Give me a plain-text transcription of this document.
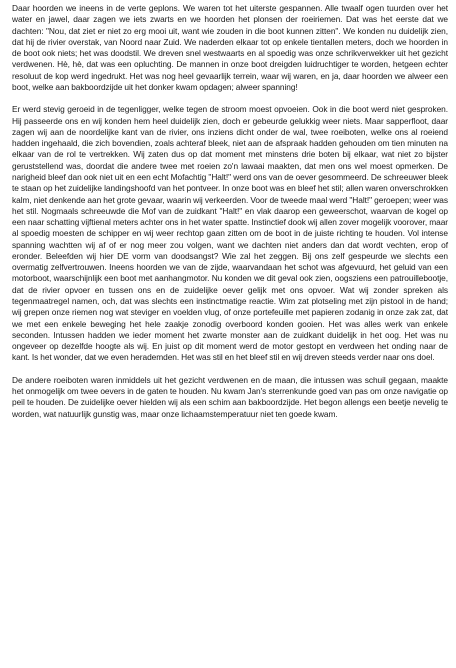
Daar hoorden we ineens in de verte geplons. We waren tot het uiterste gespannen. Alle twaalf ogen tuurden over het water en jawel, daar zagen we iets zwarts en we hoorden het plonsen der roeiriemen. Dat was het eerste dat we dachten: "Nou, dat ziet er niet zo erg mooi uit, want wie zouden in die boot kunnen zitten". We konden nu duidelijk zien, dat hij de rivier overstak, van Noord naar Zuid. We naderden elkaar tot op enkele tientallen meters, doch we hoorden in de boot ook niets; het was doodstil. We dreven snel westwaarts en al spoedig was onze schrikverwekker uit het gezicht verdwenen. Hè, hè, dat was een opluchting. De mannen in onze boot dreigden luidruchtiger te worden, hetgeen echter resoluut de kop werd ingedrukt. Het was nog heel gevaarlijk terrein, waar wij waren, en ja, daar hoorden we alweer een boot, welke aan bakboordzijde uit het donker kwam opdagen; alweer spanning!

Er werd stevig geroeid in de tegenligger, welke tegen de stroom moest opvoeien. Ook in die boot werd niet gesproken. Hij passeerde ons en wij konden hem heel duidelijk zien, doch er gebeurde gelukkig weer niets. Maar sapperfloot, daar zagen wij aan de noordelijke kant van de rivier, ons inziens dicht onder de wal, twee roeiboten, welke ons al roeiend hadden ingehaald, die zich bovendien, zoals achteraf bleek, niet aan de afspraak hadden gehouden om tien minuten na elkaar van de rol te vertrekken. Wij zaten dus op dat moment met minstens drie boten bij elkaar, wat niet zo bijster geruststellend was, doordat die andere twee met roeien zo'n lawaai maakten, dat men ons wel moest opmerken. De narigheid bleef dan ook niet uit en een echt Mofachtig "Halt!" werd ons van de oever gesommeerd. De schreeuwer bleek te staan op het zuidelijke landingshoofd van het pontveer. In onze boot was en bleef het stil; allen waren onverschrokken kalm, niet denkende aan het grote gevaar, waarin wij verkeerden. Voor de tweede maal werd "Halt!" geroepen; weer was het stil. Nogmaals schreeuwde die Mof van de zuidkant "Halt!" en vlak daarop een geweerschot, waarvan de kogel op een naar schatting vijftienal meters achter ons in het water spatte. Instinctief dook wij allen zover mogelijk voorover, maar al spoedig moesten de schipper en wij weer rechtop gaan zitten om de boot in de juiste richting te houden. Vol intense spanning wachtten wij af of er nog meer zou volgen, want we dachten niet anders dan dat wordt vechten, erop of eronder. Beleefden wij hier DE vorm van doodsangst? Wie zal het zeggen. Bij ons zelf gespeurde we slechts een overmatig zelfvertrouwen. Ineens hoorden we van de zijde, waarvandaan het schot was afgevuurd, het geluid van een motorboot, waarschijnlijk een boot met aanhangmotor. Nu konden we dit geval ook zien, oogsziens een patrouillebootje, dat de rivier opvoer en tussen ons en de zuidelijke oever gelijk met ons opvoer. Wat wij zonder spreken als tegenmaatregel namen, och, dat was slechts een instinctmatige reactie. Wim zat plotseling met zijn pistool in de hand; wij grepen onze riemen nog wat steviger en voelden vlug, of onze portefeuille met papieren zodanig in onze zak zat, dat we met een enkele beweging het hele zaakje zonodig overboord konden gooien. Het was alles werk van enkele seconden. Intussen hadden we ieder moment het zwarte monster aan de zuidkant duidelijk in het oog. Het was nu ongeveer op dezelfde hoogte als wij. En juist op dit moment werd de motor gestopt en verdween het onding naar de kant. Is het wonder, dat we even herademden. Het was stil en het bleef stil en wij dreven steeds verder naar ons doel.

De andere roeiboten waren inmiddels uit het gezicht verdwenen en de maan, die intussen was schuil gegaan, maakte het onmogelijk om twee oevers in de gaten te houden. Nu kwam Jan's sterrenkunde goed van pas om onze navigatie op peil te houden. De zuidelijke oever hielden wij als een schim aan bakboordzijde. Het begon allengs een beetje nevelig te worden, wat natuurlijk gunstig was, maar onze lichaamstemperatuur niet ten goede kwam.
